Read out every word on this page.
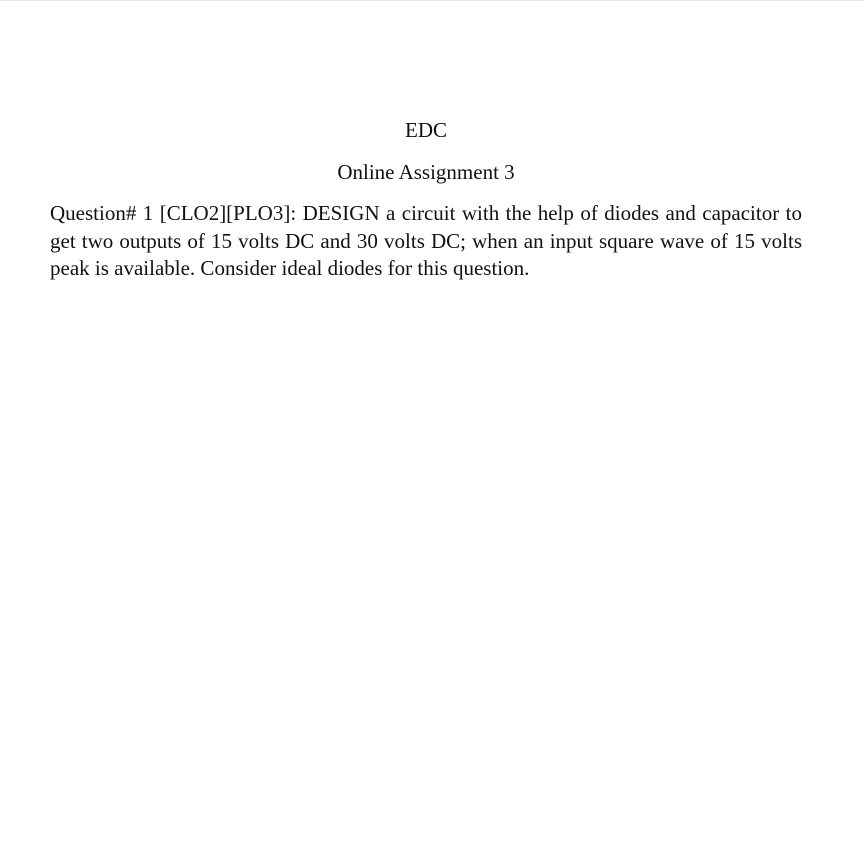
EDC
Online Assignment 3

Question# 1 [CLO2][PLO3]: DESIGN a circuit with the help of diodes and capacitor to get two outputs of 15 volts DC and 30 volts DC; when an input square wave of 15 volts peak is available. Consider ideal diodes for this question.
